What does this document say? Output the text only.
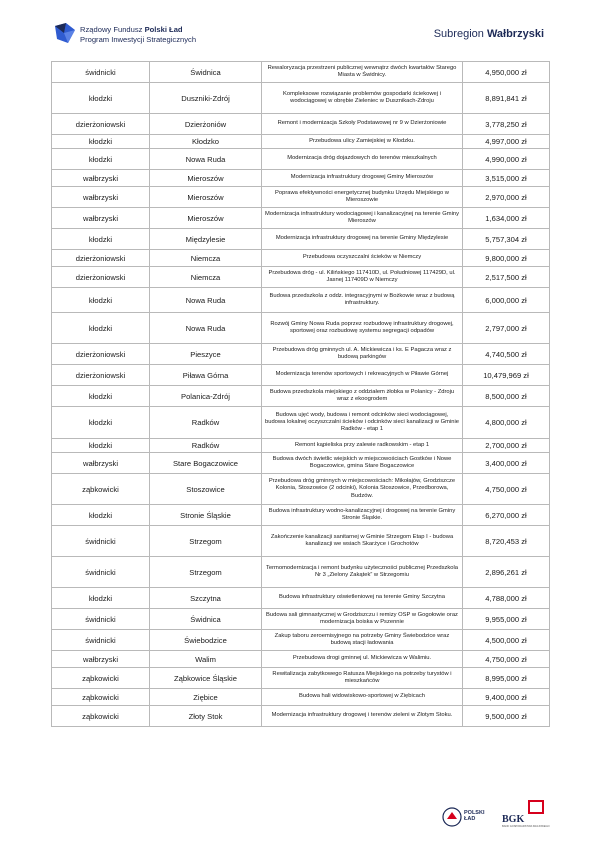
Rządowy Fundusz Polski Ład
Program Inwestycji Strategicznych	Subregion Wałbrzyski
świdnicki	Świdnica	Rewaloryzacja przestrzeni publicznej wewnątrz dwóch kwartałów Starego Miasta w Świdnicy.	4,950,000 zł
kłodzki	Duszniki-Zdrój	Kompleksowe rozwiązanie problemów gospodarki ściekowej i wodociągowej w obrębie Zieleniec w Dusznikach-Zdroju	8,891,841 zł
dzierżoniowski	Dzierżoniów	Remont i modernizacja Szkoły Podstawowej nr 9 w Dzierżoniowie	3,778,250 zł
kłodzki	Kłodzko	Przebudowa ulicy Zamiejskiej w Kłodzku.	4,997,000 zł
kłodzki	Nowa Ruda	Modernizacja dróg dojazdowych do terenów mieszkalnych	4,990,000 zł
wałbrzyski	Mieroszów	Modernizacja infrastruktury drogowej Gminy Mieroszów	3,515,000 zł
wałbrzyski	Mieroszów	Poprawa efektywności energetycznej budynku Urzędu Miejskiego w Mieroszowie	2,970,000 zł
wałbrzyski	Mieroszów	Modernizacja infrastruktury wodociągowej i kanalizacyjnej na terenie Gminy Mieroszów	1,634,000 zł
kłodzki	Międzylesie	Modernizacja infrastruktury drogowej na terenie Gminy Międzylesie	5,757,304 zł
dzierżoniowski	Niemcza	Przebudowa oczyszczalni ścieków w Niemczy	9,800,000 zł
dzierżoniowski	Niemcza	Przebudowa dróg - ul. Kilińskiego 117410D, ul. Południowej 117429D, ul. Jasnej 117409D w Niemczy	2,517,500 zł
kłodzki	Nowa Ruda	Budowa przedszkola z oddz. integracyjnymi w Bożkowie wraz z budową infrastruktury.	6,000,000 zł
kłodzki	Nowa Ruda	Rozwój Gminy Nowa Ruda poprzez rozbudowę infrastruktury drogowej, sportowej oraz rozbudowę systemu segregacji odpadów	2,797,000 zł
dzierżoniowski	Pieszyce	Przebudowa dróg gminnych ul. A. Mickiewicza i ks. E Pagacza wraz z budową parkingów	4,740,500 zł
dzierżoniowski	Piława Górna	Modernizacja terenów sportowych i rekreacyjnych w Piławie Górnej	10,479,969 zł
kłodzki	Polanica-Zdrój	Budowa przedszkola miejskiego z oddziałem żłobka w Polanicy - Zdroju wraz z ekoogrodem	8,500,000 zł
kłodzki	Radków	Budowa ujęć wody, budowa i remont odcinków sieci wodociągowej, budowa lokalnej oczyszczalni ścieków i odcinków sieci kanalizacji w Gminie Radków - etap 1	4,800,000 zł
kłodzki	Radków	Remont kąpieliska przy zalewie radkowskim - etap 1	2,700,000 zł
wałbrzyski	Stare Bogaczowice	Budowa dwóch świetlic wiejskich w miejscowościach Gostków i Nowe Bogaczowice, gmina Stare Bogaczowice	3,400,000 zł
ząbkowicki	Stoszowice	Przebudowa dróg gminnych w miejscowościach: Mikołajów, Grodziszcze Kolonia, Stoszowice (2 odcinki), Kolonia Stoszowice, Przedborowa, Budzów.	4,750,000 zł
kłodzki	Stronie Śląskie	Budowa infrastruktury wodno-kanalizacyjnej i drogowej na terenie Gminy Stronie Śląskie.	6,270,000 zł
świdnicki	Strzegom	Zakończenie kanalizacji sanitarnej w Gminie Strzegom Etap I - budowa kanalizacji we wsiach Skarżyce i Grochotów	8,720,453 zł
świdnicki	Strzegom	Termomodernizacja i remont budynku użyteczności publicznej Przedszkola Nr 3 „Zielony Zakątek” w Strzegomiu	2,896,261 zł
kłodzki	Szczytna	Budowa infrastruktury oświetleniowej na terenie Gminy Szczytna	4,788,000 zł
świdnicki	Świdnica	Budowa sali gimnastycznej w Grodziszczu i remizy OSP w Gogołowie oraz modernizacja boiska w Pszennie	9,955,000 zł
świdnicki	Świebodzice	Zakup taboru zeroemisyjnego na potrzeby Gminy Świebodzice wraz budową stacji ładowania	4,500,000 zł
wałbrzyski	Walim	Przebudowa drogi gminnej ul. Mickiewicza w Walimiu.	4,750,000 zł
ząbkowicki	Ząbkowice Śląskie	Rewitalizacja zabytkowego Ratusza Miejskiego na potrzeby turystów i mieszkańców	8,995,000 zł
ząbkowicki	Ziębice	Budowa hali widowiskowo-sportowej w Ziębicach	9,400,000 zł
ząbkowicki	Złoty Stok	Modernizacja infrastruktury drogowej i terenów zieleni w Złotym Stoku.	9,500,000 zł
POLSKI
ŁAD	BGK
BANK GOSPODARSTWA KRAJOWEGO
